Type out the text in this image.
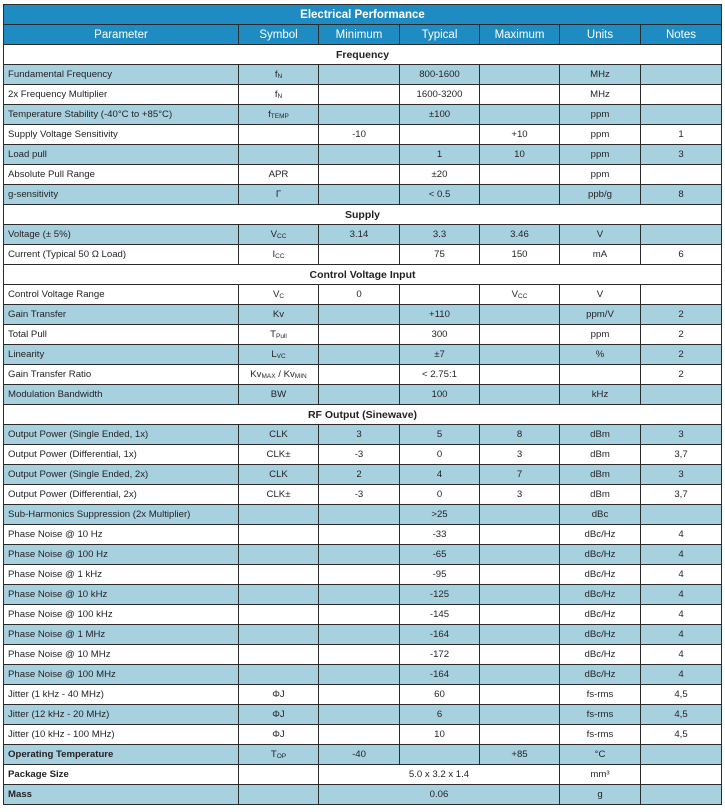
Electrical Performance						
Parameter	Symbol	Minimum	Typical	Maximum	Units	Notes
Frequency						
Fundamental Frequency	$f_N$		800-1600		MHz	
2x Frequency Multiplier	$f_N$		1600-3200		MHz	
Temperature Stability (-40°C to +85°C)	$f_{TEMP}$		±100		ppm	
Supply Voltage Sensitivity		-10		+10	ppm	1
Load pull			1	10	ppm	3
Absolute Pull Range	APR		±20		ppm	
g-sensitivity	Γ		< 0.5		ppb/g	8
Supply						
Voltage (± 5%)	$V_{CC}$	3.14	3.3	3.46	V	
Current (Typical 50 Ω Load)	$I_{CC}$		75	150	mA	6
Control Voltage Input						
Control Voltage Range	$V_C$	0		$V_{CC}$	V	
Gain Transfer	Kv		+110		ppm/V	2
Total Pull	$T_{Pull}$		300		ppm	2
Linearity	$L_{VC}$		±7		%	2
Gain Transfer Ratio	$Kv_{MAX} / Kv_{MIN}$		< 2.75:1			2
Modulation Bandwidth	BW		100		kHz	
RF Output (Sinewave)						
Output Power (Single Ended, 1x)	CLK	3	5	8	dBm	3
Output Power (Differential, 1x)	CLK±	-3	0	3	dBm	3,7
Output Power (Single Ended, 2x)	CLK	2	4	7	dBm	3
Output Power (Differential, 2x)	CLK±	-3	0	3	dBm	3,7
Sub-Harmonics Suppression (2x Multiplier)			>25		dBc	
Phase Noise @ 10 Hz			-33		dBc/Hz	4
Phase Noise @ 100 Hz			-65		dBc/Hz	4
Phase Noise @ 1 kHz			-95		dBc/Hz	4
Phase Noise @ 10 kHz			-125		dBc/Hz	4
Phase Noise @ 100 kHz			-145		dBc/Hz	4
Phase Noise @ 1 MHz			-164		dBc/Hz	4
Phase Noise @ 10 MHz			-172		dBc/Hz	4
Phase Noise @ 100 MHz			-164		dBc/Hz	4
Jitter (1 kHz - 40 MHz)	ΦJ		60		fs-rms	4,5
Jitter (12 kHz - 20 MHz)	ΦJ		6		fs-rms	4,5
Jitter (10 kHz - 100 MHz)	ΦJ		10		fs-rms	4,5
Operating Temperature	$T_{OP}$	-40		+85	°C	
Package Size		5.0 x 3.2 x 1.4			mm³	
Mass		0.06			g	
